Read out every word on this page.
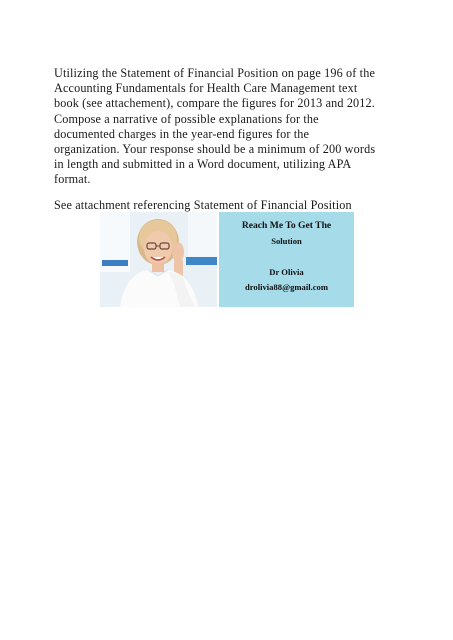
Utilizing the Statement of Financial Position on page 196 of the
Accounting Fundamentals for Health Care Management text
book (see attachement), compare the figures for 2013 and 2012.
Compose a narrative of possible explanations for the
documented charges in the year-end figures for the
organization. Your response should be a minimum of 200 words
in length and submitted in a Word document, utilizing APA
format.

See attachment referencing Statement of Financial Position

Reach Me To Get The
Solution
Dr Olivia
drolivia88@gmail.com
